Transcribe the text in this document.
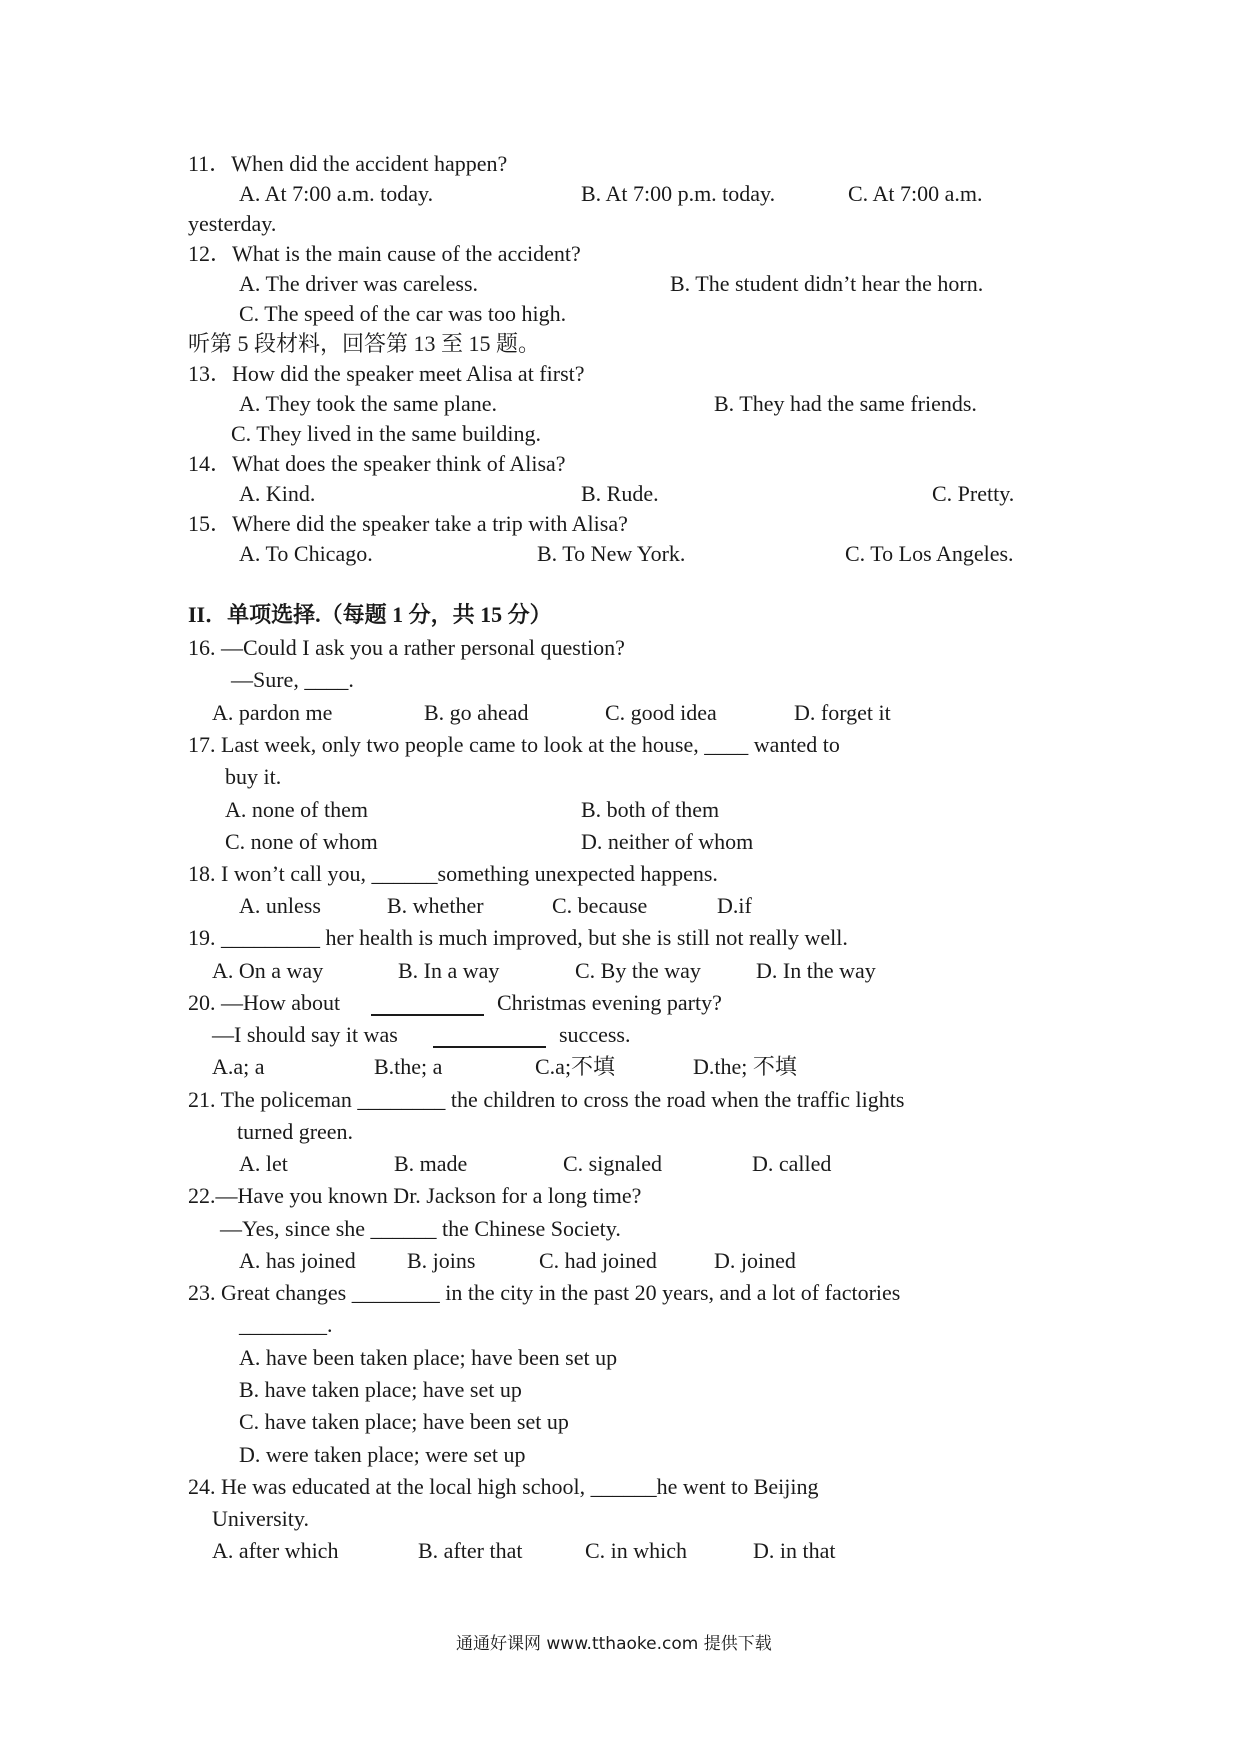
11．When did the accident happen?
A. At 7:00 a.m. today.	B. At 7:00 p.m. today.	C. At 7:00 a.m.
yesterday.
12．What is the main cause of the accident?
A. The driver was careless.	B. The student didn’t hear the horn.
C. The speed of the car was too high.
听第 5 段材料，回答第 13 至 15 题。
13．How did the speaker meet Alisa at first?
A. They took the same plane.	B. They had the same friends.
C. They lived in the same building.
14．What does the speaker think of Alisa?
A. Kind.	B. Rude.	C. Pretty.
15．Where did the speaker take a trip with Alisa?
A. To Chicago.	B. To New York.	C. To Los Angeles.
II．单项选择.（每题 1 分，共 15 分）
16. —Could I ask you a rather personal question?
—Sure, ____.
A. pardon me	B. go ahead	C. good idea	D. forget it
17. Last week, only two people came to look at the house, ____ wanted to
buy it.
A. none of them	B. both of them
C. none of whom	D. neither of whom
18. I won’t call you, ______something unexpected happens.
A. unless	B. whether	C. because	D.if
19. _________ her health is much improved, but she is still not really well.
A. On a way	B. In a way	C. By the way	D. In the way
20. —How about	Christmas evening party?
—I should say it was	success.
A.a; a	B.the; a	C.a;不填	D.the; 不填
21. The policeman ________ the children to cross the road when the traffic lights
turned green.
A. let	B. made	C. signaled	D. called
22.—Have you known Dr. Jackson for a long time?
—Yes, since she ______ the Chinese Society.
A. has joined B. joins	C. had joined	D. joined
23. Great changes ________ in the city in the past 20 years, and a lot of factories
________.
A. have been taken place; have been set up
B. have taken place; have set up
C. have taken place; have been set up
D. were taken place; were set up
24. He was educated at the local high school, ______he went to Beijing
University.
A. after which	B. after that	C. in which	D. in that
通通好课网 www.tthaoke.com 提供下载
